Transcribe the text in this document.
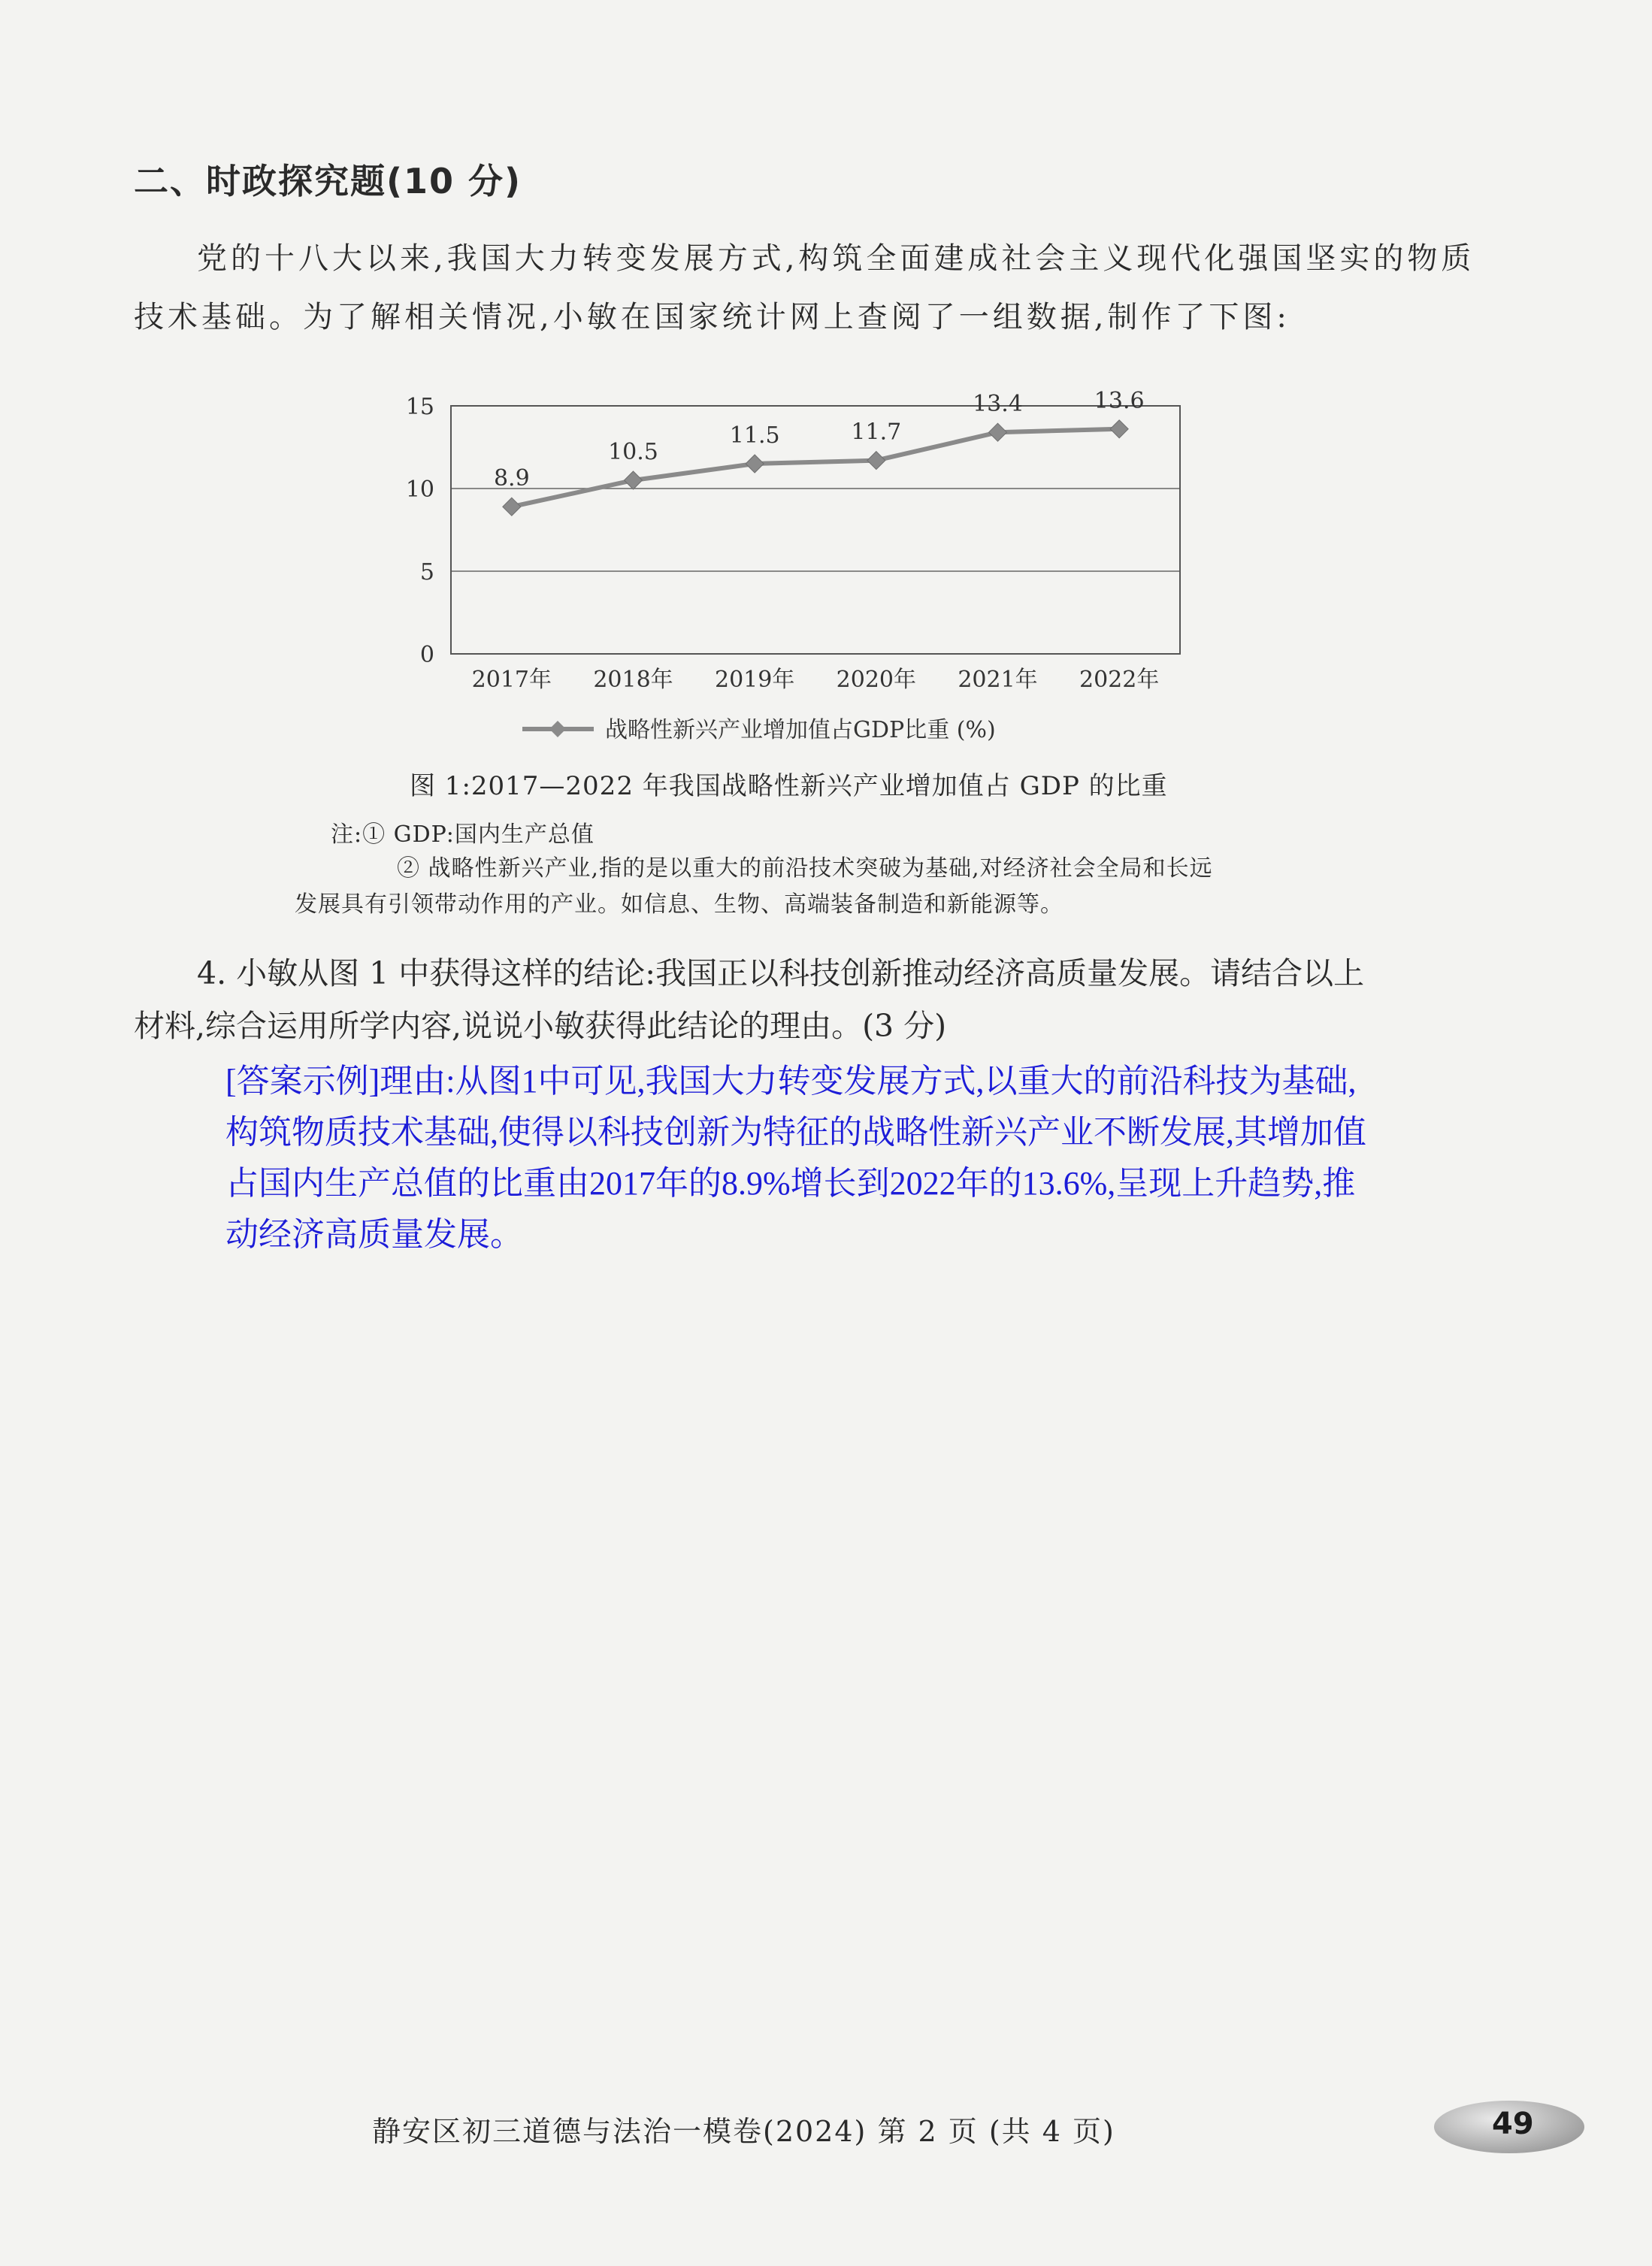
二、时政探究题(10 分)
党的十八大以来,我国大力转变发展方式,构筑全面建成社会主义现代化强国坚实的物质
技术基础。为了解相关情况,小敏在国家统计网上查阅了一组数据,制作了下图:
0
5
10
15
2017年 2018年 2019年 2020年 2021年 2022年
8.9
10.5
11.5	11.7
13.4	13.6
战略性新兴产业增加值占GDP比重 (%)
图 1:2017—2022 年我国战略性新兴产业增加值占 GDP 的比重
注:① GDP:国内生产总值
② 战略性新兴产业,指的是以重大的前沿技术突破为基础,对经济社会全局和长远
发展具有引领带动作用的产业。如信息、生物、高端装备制造和新能源等。
4. 小敏从图 1 中获得这样的结论:我国正以科技创新推动经济高质量发展。请结合以上
材料,综合运用所学内容,说说小敏获得此结论的理由。(3 分)
[答案示例]理由:从图1中可见,我国大力转变发展方式,以重大的前沿科技为基础,
构筑物质技术基础,使得以科技创新为特征的战略性新兴产业不断发展,其增加值
占国内生产总值的比重由2017年的8.9%增长到2022年的13.6%,呈现上升趋势,推
动经济高质量发展。
静安区初三道德与法治一模卷(2024) 第 2 页 (共 4 页)	49
